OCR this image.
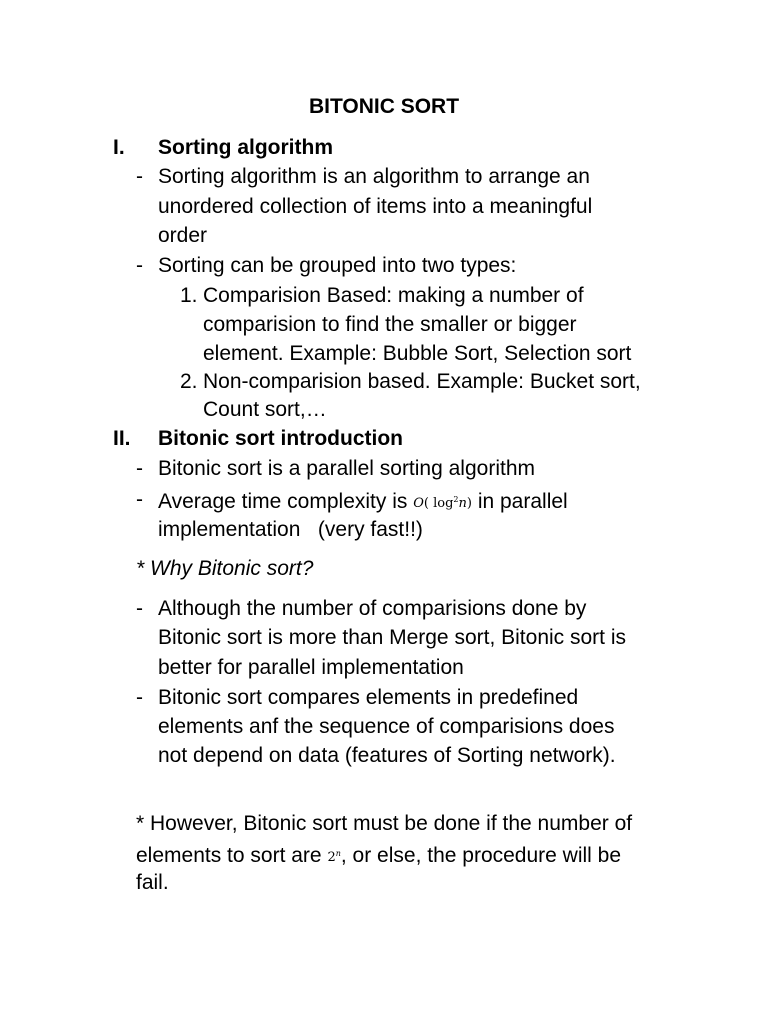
BITONIC SORT
I. Sorting algorithm
- Sorting algorithm is an algorithm to arrange an
unordered collection of items into a meaningful
order
- Sorting can be grouped into two types:
1. Comparision Based: making a number of
comparision to find the smaller or bigger
element. Example: Bubble Sort, Selection sort
2. Non-comparision based. Example: Bucket sort,
Count sort,…
II. Bitonic sort introduction
- Bitonic sort is a parallel sorting algorithm
- Average time complexity is O( $\log^2n$) in parallel
implementation   (very fast!!)
* Why Bitonic sort?
- Although the number of comparisions done by
Bitonic sort is more than Merge sort, Bitonic sort is
better for parallel implementation
- Bitonic sort compares elements in predefined
elements anf the sequence of comparisions does
not depend on data (features of Sorting network).
* However, Bitonic sort must be done if the number of
elements to sort are 2$^n$, or else, the procedure will be
fail.
